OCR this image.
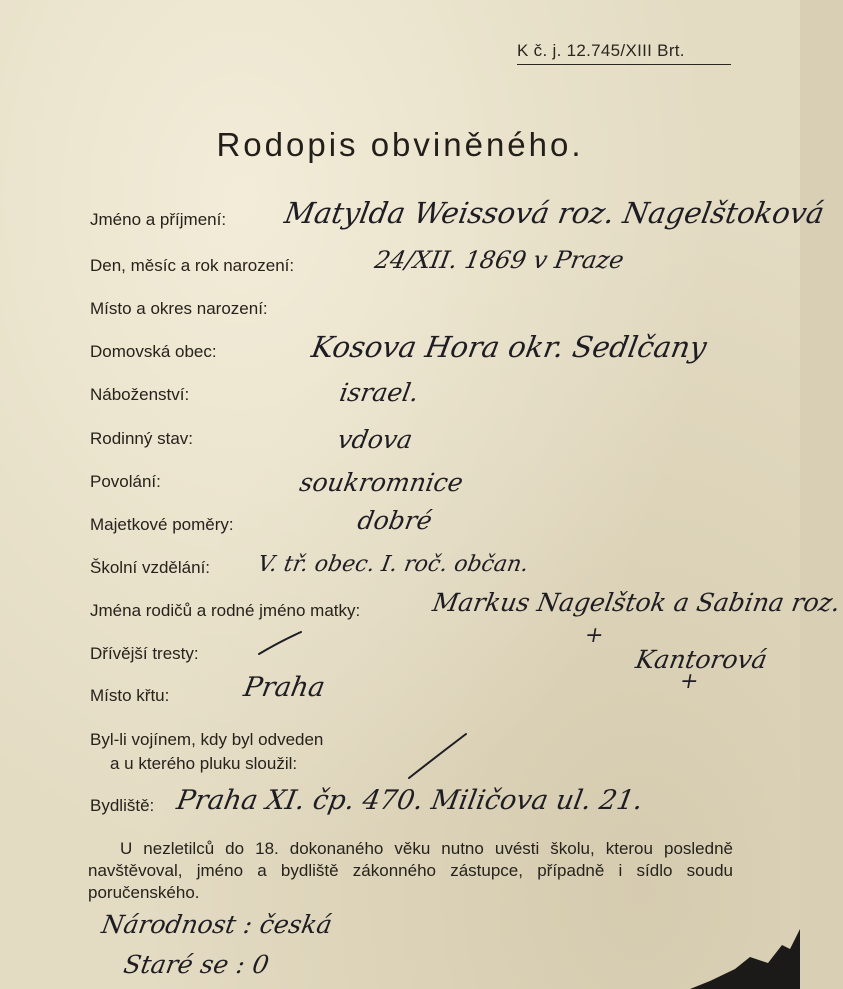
K č. j. 12.745/XIII Brt.
Rodopis obviněného.
Jméno a příjmení:
Den, měsíc a rok narození:
Místo a okres narození:
Domovská obec:
Náboženství:
Rodinný stav:
Povolání:
Majetkové poměry:
Školní vzdělání:
Jména rodičů a rodné jméno matky:
Dřívější tresty:
Místo křtu:
Byl-li vojínem, kdy byl odveden
a u kterého pluku sloužil:
Bydliště:
Matylda Weissová roz. Nagelštoková
24/XII. 1869 v Praze
Kosova Hora okr. Sedlčany
israel.
vdova
soukromnice
dobré
V. tř. obec. I. roč. občan.
Markus Nagelštok a Sabina roz.
+
Kantorová
+
Praha
Praha XI. čp. 470. Miličova ul. 21.
Národnost : česká
Staré se : 0

U nezletilců do 18. dokonaného věku nutno uvésti školu, kterou posledně navštěvoval, jméno a bydliště zákonného zástupce, případně i sídlo soudu poručenského.
